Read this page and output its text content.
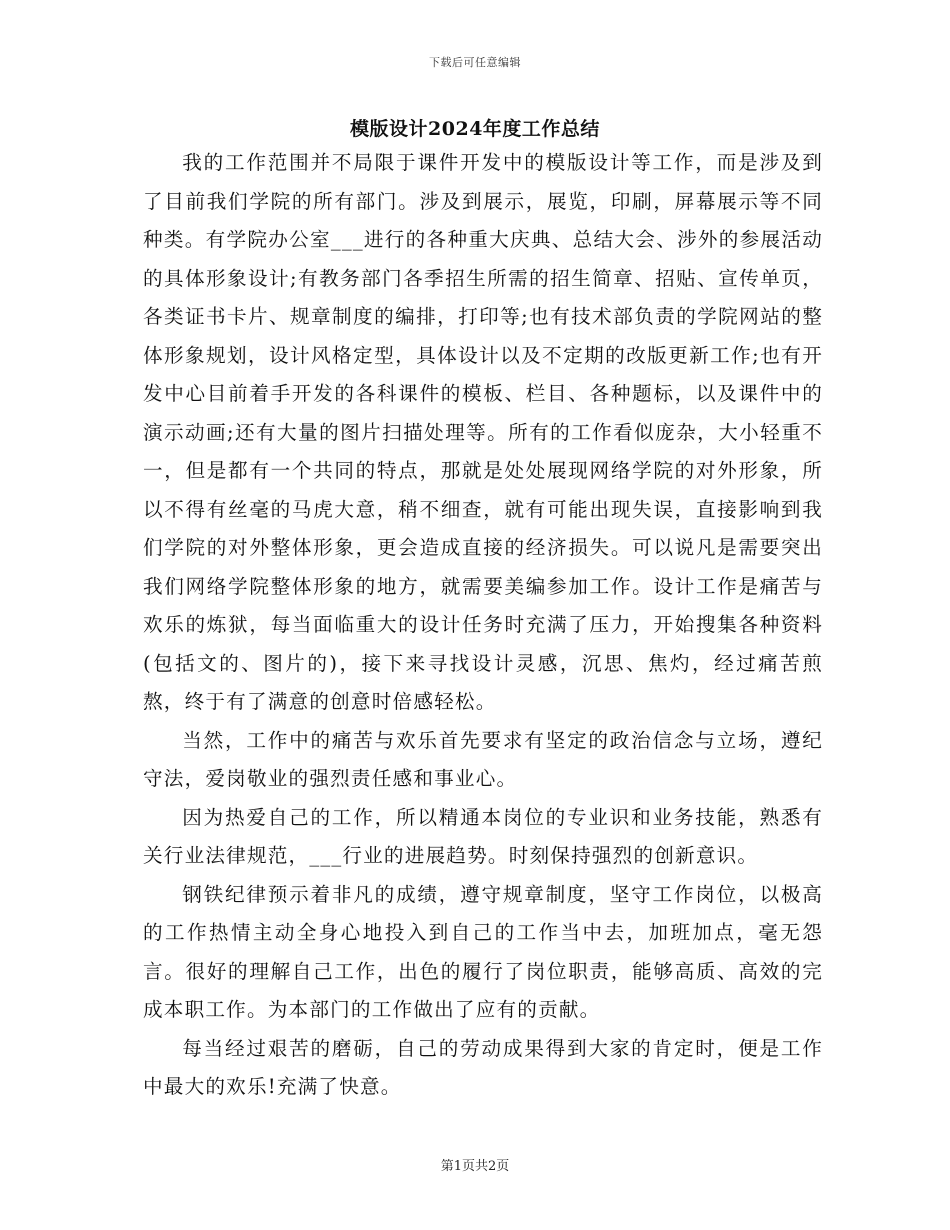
下载后可任意编辑
模版设计2024年度工作总结

我的工作范围并不局限于课件开发中的模版设计等工作，而是涉及到了目前我们学院的所有部门。涉及到展示，展览，印刷，屏幕展示等不同种类。有学院办公室___进行的各种重大庆典、总结大会、涉外的参展活动的具体形象设计;有教务部门各季招生所需的招生简章、招贴、宣传单页，各类证书卡片、规章制度的编排，打印等;也有技术部负责的学院网站的整体形象规划，设计风格定型，具体设计以及不定期的改版更新工作;也有开发中心目前着手开发的各科课件的模板、栏目、各种题标，以及课件中的演示动画;还有大量的图片扫描处理等。所有的工作看似庞杂，大小轻重不一，但是都有一个共同的特点，那就是处处展现网络学院的对外形象，所以不得有丝毫的马虎大意，稍不细查，就有可能出现失误，直接影响到我们学院的对外整体形象，更会造成直接的经济损失。可以说凡是需要突出我们网络学院整体形象的地方，就需要美编参加工作。设计工作是痛苦与欢乐的炼狱，每当面临重大的设计任务时充满了压力，开始搜集各种资料(包括文的、图片的)，接下来寻找设计灵感，沉思、焦灼，经过痛苦煎熬，终于有了满意的创意时倍感轻松。

当然，工作中的痛苦与欢乐首先要求有坚定的政治信念与立场，遵纪守法，爱岗敬业的强烈责任感和事业心。

因为热爱自己的工作，所以精通本岗位的专业识和业务技能，熟悉有关行业法律规范，___行业的进展趋势。时刻保持强烈的创新意识。

钢铁纪律预示着非凡的成绩，遵守规章制度，坚守工作岗位，以极高的工作热情主动全身心地投入到自己的工作当中去，加班加点，毫无怨言。很好的理解自己工作，出色的履行了岗位职责，能够高质、高效的完成本职工作。为本部门的工作做出了应有的贡献。

每当经过艰苦的磨砺，自己的劳动成果得到大家的肯定时，便是工作中最大的欢乐!充满了快意。

第1页共2页
